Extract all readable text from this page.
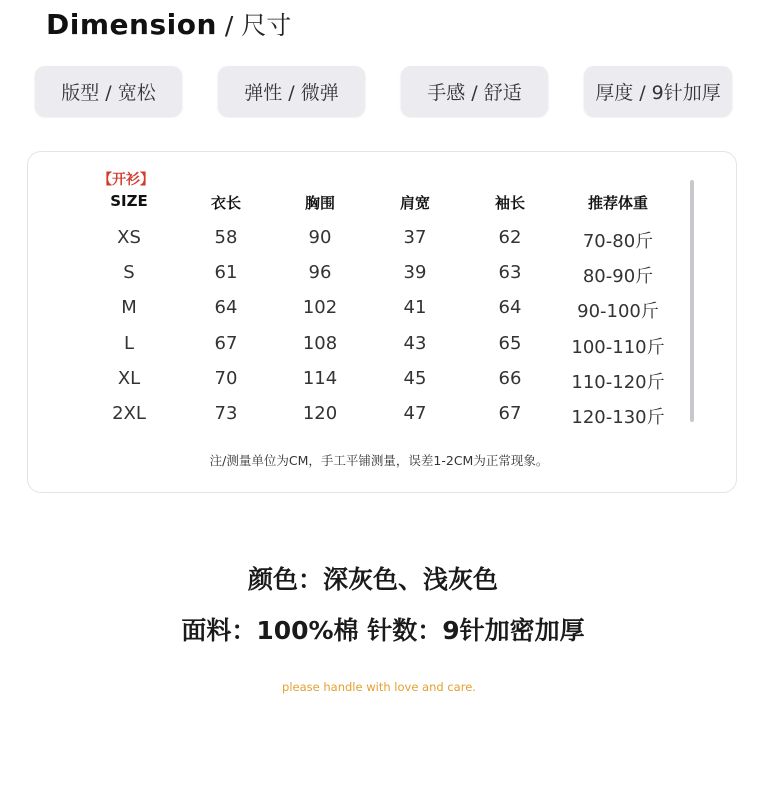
Dimension / 尺寸
版型 / 宽松	弹性 / 微弹	手感 / 舒适	厚度 / 9针加厚
【开衫】
SIZE	衣长	胸围	肩宽	袖长	推荐体重
XS	58	90	37	62	70-80斤
S	61	96	39	63	80-90斤
M	64	102	41	64	90-100斤
L	67	108	43	65	100-110斤
XL	70	114	45	66	110-120斤
2XL	73	120	47	67	120-130斤
注/测量单位为CM，手工平铺测量，误差1-2CM为正常现象。
颜色：深灰色、浅灰色
面料：100%棉 针数：9针加密加厚
please handle with love and care.
